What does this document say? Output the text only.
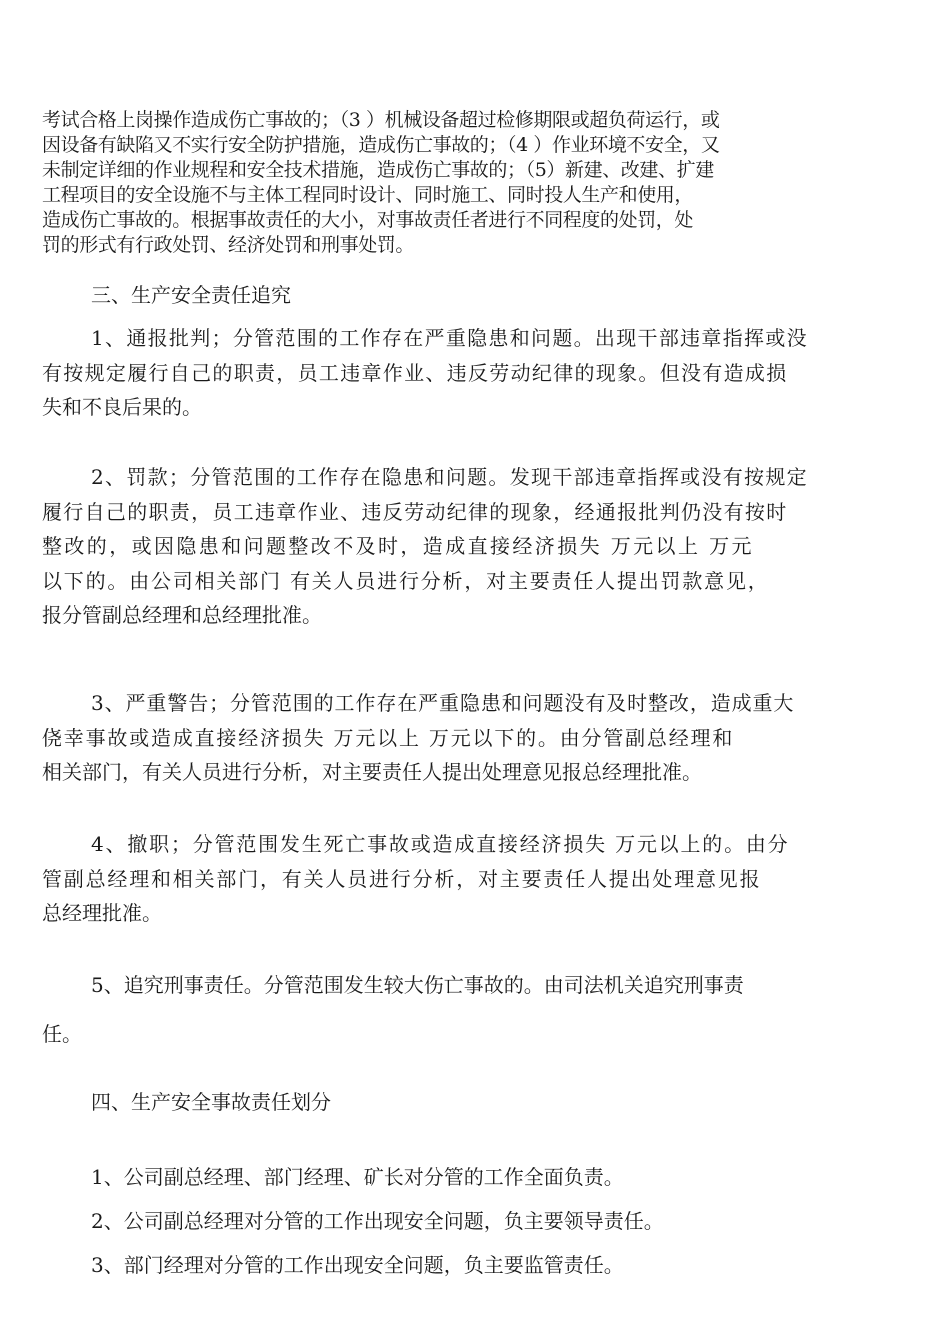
考试合格上岗操作造成伤亡事故的；（3 ）机械设备超过检修期限或超负荷运行，或
因设备有缺陷又不实行安全防护措施，造成伤亡事故的；（4 ）作业环境不安全，又
未制定详细的作业规程和安全技术措施，造成伤亡事故的；（5）新建、改建、扩建
工程项目的安全设施不与主体工程同时设计、同时施工、同时投人生产和使用，
造成伤亡事故的。根据事故责任的大小，对事故责任者进行不同程度的处罚，处
罚的形式有行政处罚、经济处罚和刑事处罚。
三、生产安全责任追究
1、通报批判；分管范围的工作存在严重隐患和问题。出现干部违章指挥或没
有按规定履行自己的职责，员工违章作业、违反劳动纪律的现象。但没有造成损
失和不良后果的。
2、罚款；分管范围的工作存在隐患和问题。发现干部违章指挥或没有按规定
履行自己的职责，员工违章作业、违反劳动纪律的现象，经通报批判仍没有按时
整改的，或因隐患和问题整改不及时，造成直接经济损失 万元以上 万元
以下的。由公司相关部门 有关人员进行分析，对主要责任人提出罚款意见，
报分管副总经理和总经理批准。
3、严重警告；分管范围的工作存在严重隐患和问题没有及时整改，造成重大
侥幸事故或造成直接经济损失 万元以上 万元以下的。由分管副总经理和
相关部门，有关人员进行分析，对主要责任人提出处理意见报总经理批准。
4、撤职；分管范围发生死亡事故或造成直接经济损失 万元以上的。由分
管副总经理和相关部门，有关人员进行分析，对主要责任人提出处理意见报
总经理批准。
5、追究刑事责任。分管范围发生较大伤亡事故的。由司法机关追究刑事责
任。
四、生产安全事故责任划分
1、公司副总经理、部门经理、矿长对分管的工作全面负责。
2、公司副总经理对分管的工作出现安全问题，负主要领导责任。
3、部门经理对分管的工作出现安全问题，负主要监管责任。
